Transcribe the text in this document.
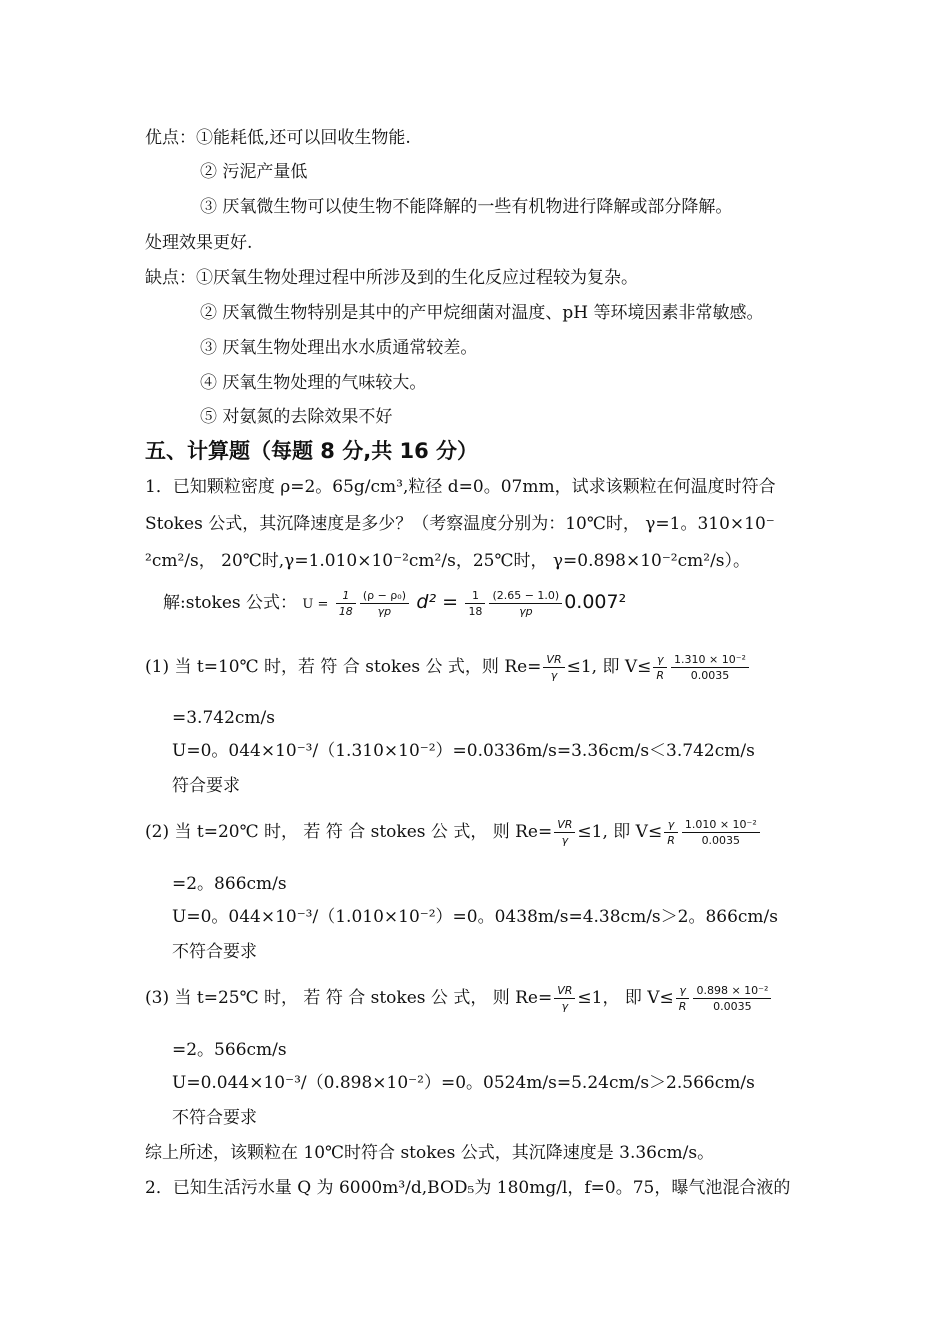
优点：①能耗低,还可以回收生物能.
② 污泥产量低
③ 厌氧微生物可以使生物不能降解的一些有机物进行降解或部分降解。
处理效果更好.
缺点：①厌氧生物处理过程中所涉及到的生化反应过程较为复杂。
② 厌氧微生物特别是其中的产甲烷细菌对温度、pH 等环境因素非常敏感。
③ 厌氧生物处理出水水质通常较差。
④ 厌氧生物处理的气味较大。
⑤ 对氨氮的去除效果不好
五、计算题（每题 8 分,共 16 分）
1．已知颗粒密度 ρ=2。65g/cm³,粒径 d=0。07mm，试求该颗粒在何温度时符合
Stokes 公式，其沉降速度是多少？（考察温度分别为：10℃时， γ=1。310×10⁻
²cm²/s， 20℃时,γ=1.010×10⁻²cm²/s，25℃时， γ=0.898×10⁻²cm²/s）。
解:stokes 公式： $U = \frac{1}{18} \frac{\text{(ρ − ρ₀)}}{\gamma p} d^2 = \frac{1}{18} \frac{(2.65 - 1.0)}{\gamma p} 0.007^2$
(1) 当 t=10℃ 时，若 符 合 stokes 公 式，则 $Re= \frac{VR}{\gamma} \le 1$, 即 $V\le \frac{\gamma}{R} \frac{\text{1.310 × 10⁻²}}{0.0035}$
=3.742cm/s
U=0。044×10⁻³/（1.310×10⁻²）=0.0336m/s=3.36cm/s＜3.742cm/s
符合要求
(2) 当 t=20℃ 时， 若 符 合 stokes 公 式， 则 $Re= \frac{VR}{\gamma} \le 1$, 即 $V\le \frac{\gamma}{R} \frac{\text{1.010 × 10⁻²}}{0.0035}$
=2。866cm/s
U=0。044×10⁻³/（1.010×10⁻²）=0。0438m/s=4.38cm/s＞2。866cm/s
不符合要求
(3) 当 t=25℃ 时， 若 符 合 stokes 公 式， 则 $Re= \frac{VR}{\gamma} \le 1$， 即 $V\le \frac{\gamma}{R} \frac{\text{0.898 × 10⁻²}}{0.0035}$
=2。566cm/s
U=0.044×10⁻³/（0.898×10⁻²）=0。0524m/s=5.24cm/s＞2.566cm/s
不符合要求
综上所述，该颗粒在 10℃时符合 stokes 公式，其沉降速度是 3.36cm/s。
2．已知生活污水量 Q 为 6000m³/d,BOD₅为 180mg/l，f=0。75，曝气池混合液的
